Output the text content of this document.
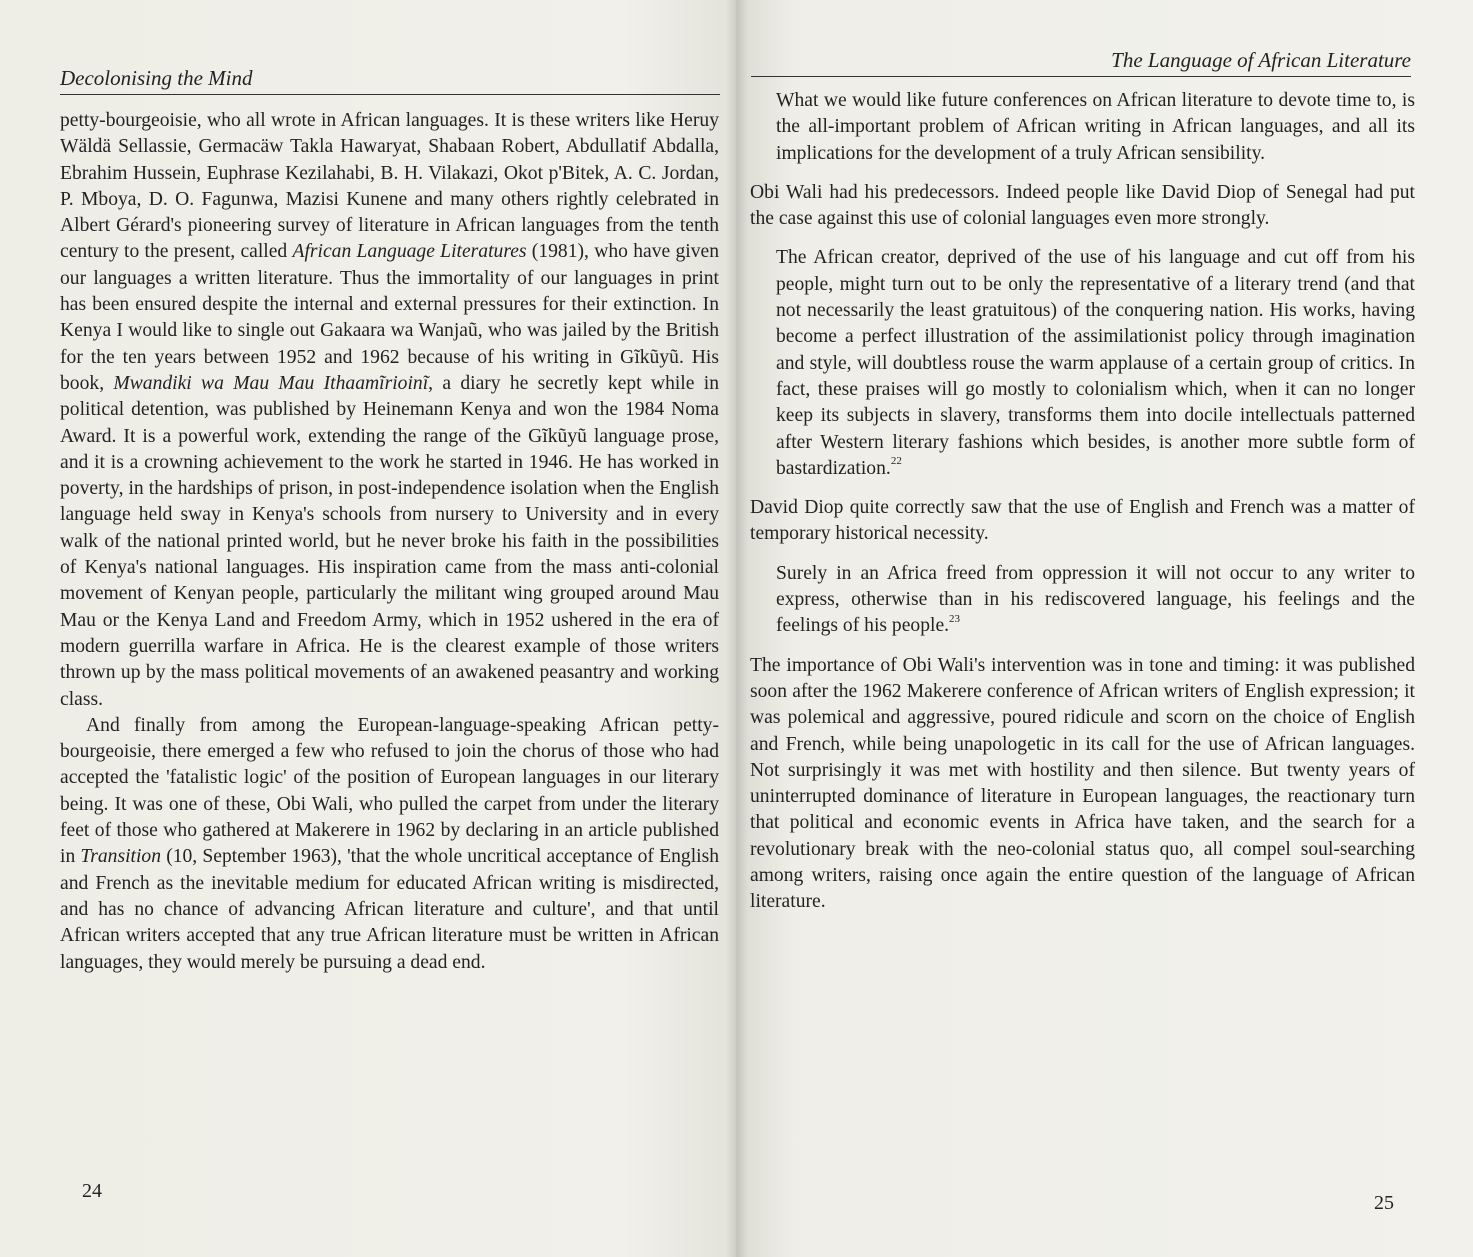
Decolonising the Mind

petty-bourgeoisie, who all wrote in African languages. It is these writers like Heruy Wäldä Sellassie, Germacäw Takla Hawaryat, Shabaan Robert, Abdullatif Abdalla, Ebrahim Hussein, Euphrase Kezilahabi, B. H. Vilakazi, Okot p'Bitek, A. C. Jordan, P. Mboya, D. O. Fagunwa, Mazisi Kunene and many others rightly celebrated in Albert Gérard's pioneering survey of literature in African languages from the tenth century to the present, called African Language Literatures (1981), who have given our languages a written literature. Thus the immortality of our languages in print has been ensured despite the internal and external pressures for their extinction. In Kenya I would like to single out Gakaara wa Wanjaũ, who was jailed by the British for the ten years between 1952 and 1962 because of his writing in Gĩkũyũ. His book, Mwandiki wa Mau Mau Ithaamĩrioinĩ, a diary he secretly kept while in political detention, was published by Heinemann Kenya and won the 1984 Noma Award. It is a powerful work, extending the range of the Gĩkũyũ language prose, and it is a crowning achievement to the work he started in 1946. He has worked in poverty, in the hardships of prison, in post-independence isolation when the English language held sway in Kenya's schools from nursery to University and in every walk of the national printed world, but he never broke his faith in the possibilities of Kenya's national languages. His inspiration came from the mass anti-colonial movement of Kenyan people, particularly the militant wing grouped around Mau Mau or the Kenya Land and Freedom Army, which in 1952 ushered in the era of modern guerrilla warfare in Africa. He is the clearest example of those writers thrown up by the mass political movements of an awakened peasantry and working class.

And finally from among the European-language-speaking African petty-bourgeoisie, there emerged a few who refused to join the chorus of those who had accepted the 'fatalistic logic' of the position of European languages in our literary being. It was one of these, Obi Wali, who pulled the carpet from under the literary feet of those who gathered at Makerere in 1962 by declaring in an article published in Transition (10, September 1963), 'that the whole uncritical acceptance of English and French as the inevitable medium for educated African writing is misdirected, and has no chance of advancing African literature and culture', and that until African writers accepted that any true African literature must be written in African languages, they would merely be pursuing a dead end.

24
The Language of African Literature

What we would like future conferences on African literature to devote time to, is the all-important problem of African writing in African languages, and all its implications for the development of a truly African sensibility.

Obi Wali had his predecessors. Indeed people like David Diop of Senegal had put the case against this use of colonial languages even more strongly.

The African creator, deprived of the use of his language and cut off from his people, might turn out to be only the representative of a literary trend (and that not necessarily the least gratuitous) of the conquering nation. His works, having become a perfect illustration of the assimilationist policy through imagination and style, will doubtless rouse the warm applause of a certain group of critics. In fact, these praises will go mostly to colonialism which, when it can no longer keep its subjects in slavery, transforms them into docile intellectuals patterned after Western literary fashions which besides, is another more subtle form of bastardization.$^{22}$

David Diop quite correctly saw that the use of English and French was a matter of temporary historical necessity.

Surely in an Africa freed from oppression it will not occur to any writer to express, otherwise than in his rediscovered language, his feelings and the feelings of his people.$^{23}$

The importance of Obi Wali's intervention was in tone and timing: it was published soon after the 1962 Makerere conference of African writers of English expression; it was polemical and aggressive, poured ridicule and scorn on the choice of English and French, while being unapologetic in its call for the use of African languages. Not surprisingly it was met with hostility and then silence. But twenty years of uninterrupted dominance of literature in European languages, the reactionary turn that political and economic events in Africa have taken, and the search for a revolutionary break with the neo-colonial status quo, all compel soul-searching among writers, raising once again the entire question of the language of African literature.

25
